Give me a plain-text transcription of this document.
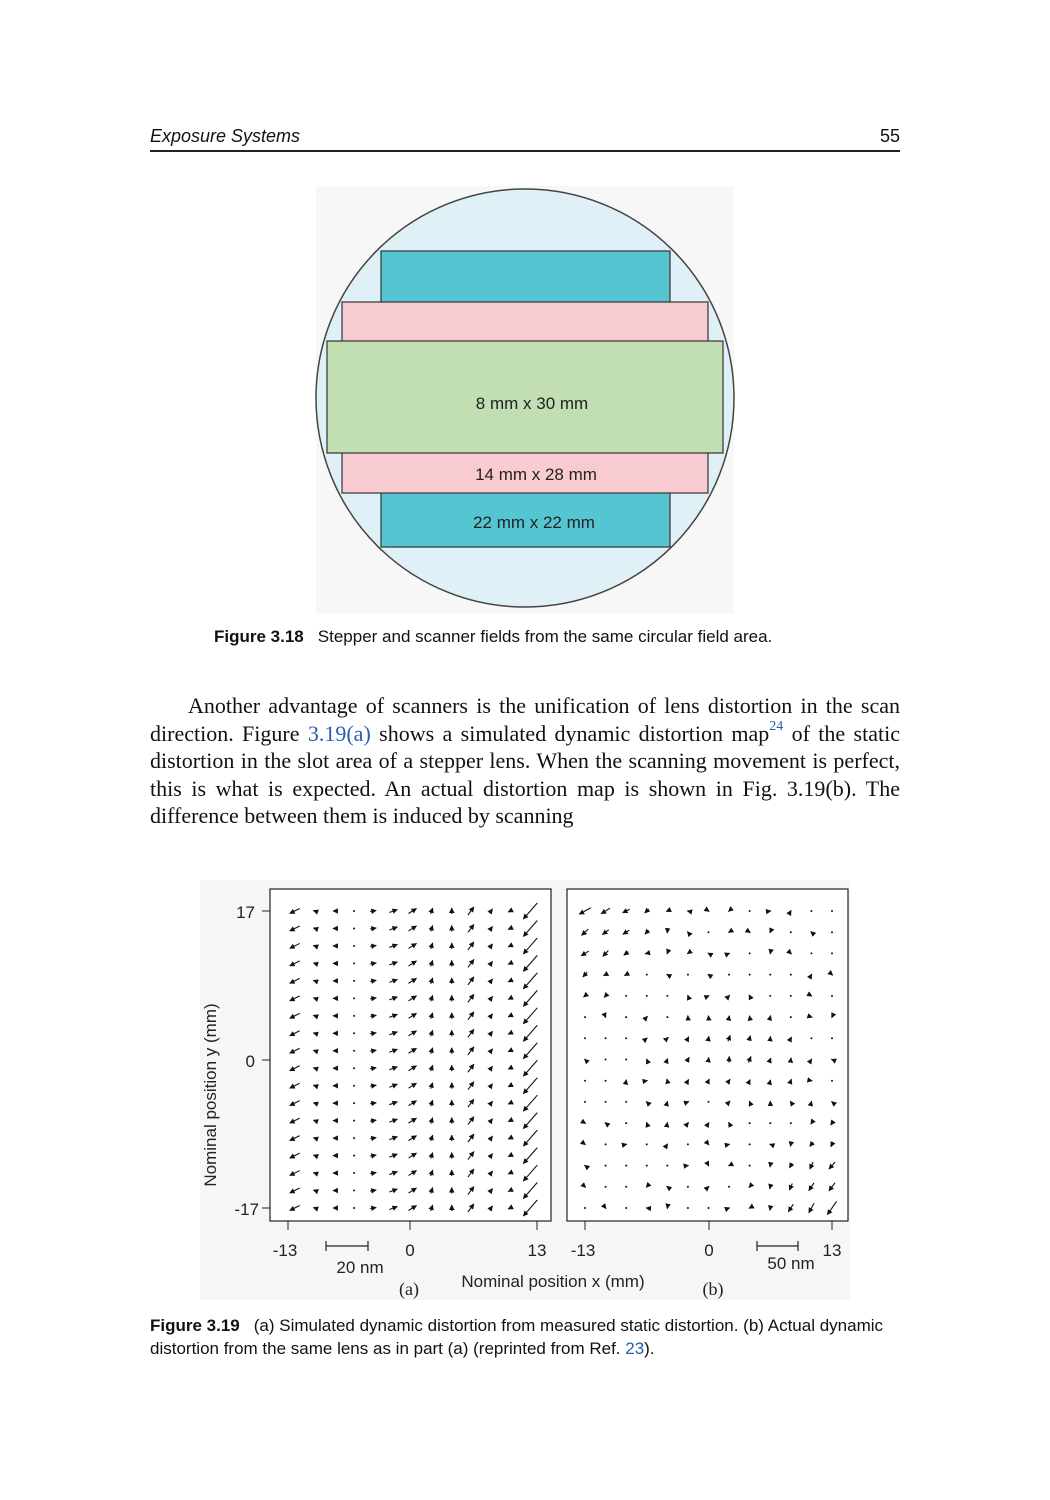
Exposure Systems	55
8 mm x 30 mm
14 mm x 28 mm
22 mm x 22 mm
Figure 3.18 Stepper and scanner fields from the same circular field area.
Another advantage of scanners is the unification of lens distortion in the scan direction. Figure 3.19(a) shows a simulated dynamic distortion map$^{24}$ of the static distortion in the slot area of a stepper lens. When the scanning movement is perfect, this is what is expected. An actual distortion map is shown in Fig. 3.19(b). The difference between them is induced by scanning
17
0
-17
Nominal position y (mm)
-13	0	13 -13	0	13
20 nm	50 nm
(a) Nominal position x (mm)	(b)
Figure 3.19 (a) Simulated dynamic distortion from measured static distortion. (b) Actual dynamic distortion from the same lens as in part (a) (reprinted from Ref. 23).
